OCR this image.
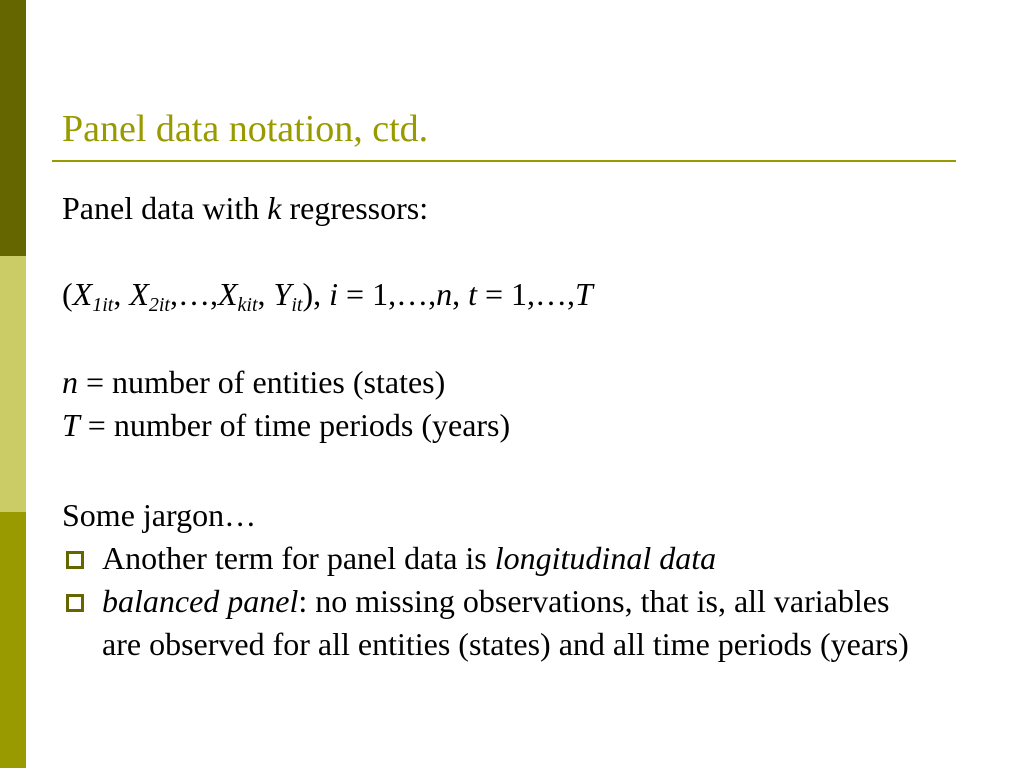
Panel data notation, ctd.
Panel data with k regressors:
($X_{1it}$, $X_{2it},\dots,X_{kit}$, $Y_{it}$), i = 1,…,n, t = 1,…,T
n = number of entities (states)
T = number of time periods (years)
Some jargon…
Another term for panel data is longitudinal data
balanced panel: no missing observations, that is, all variables are observed for all entities (states) and all time periods (years)
